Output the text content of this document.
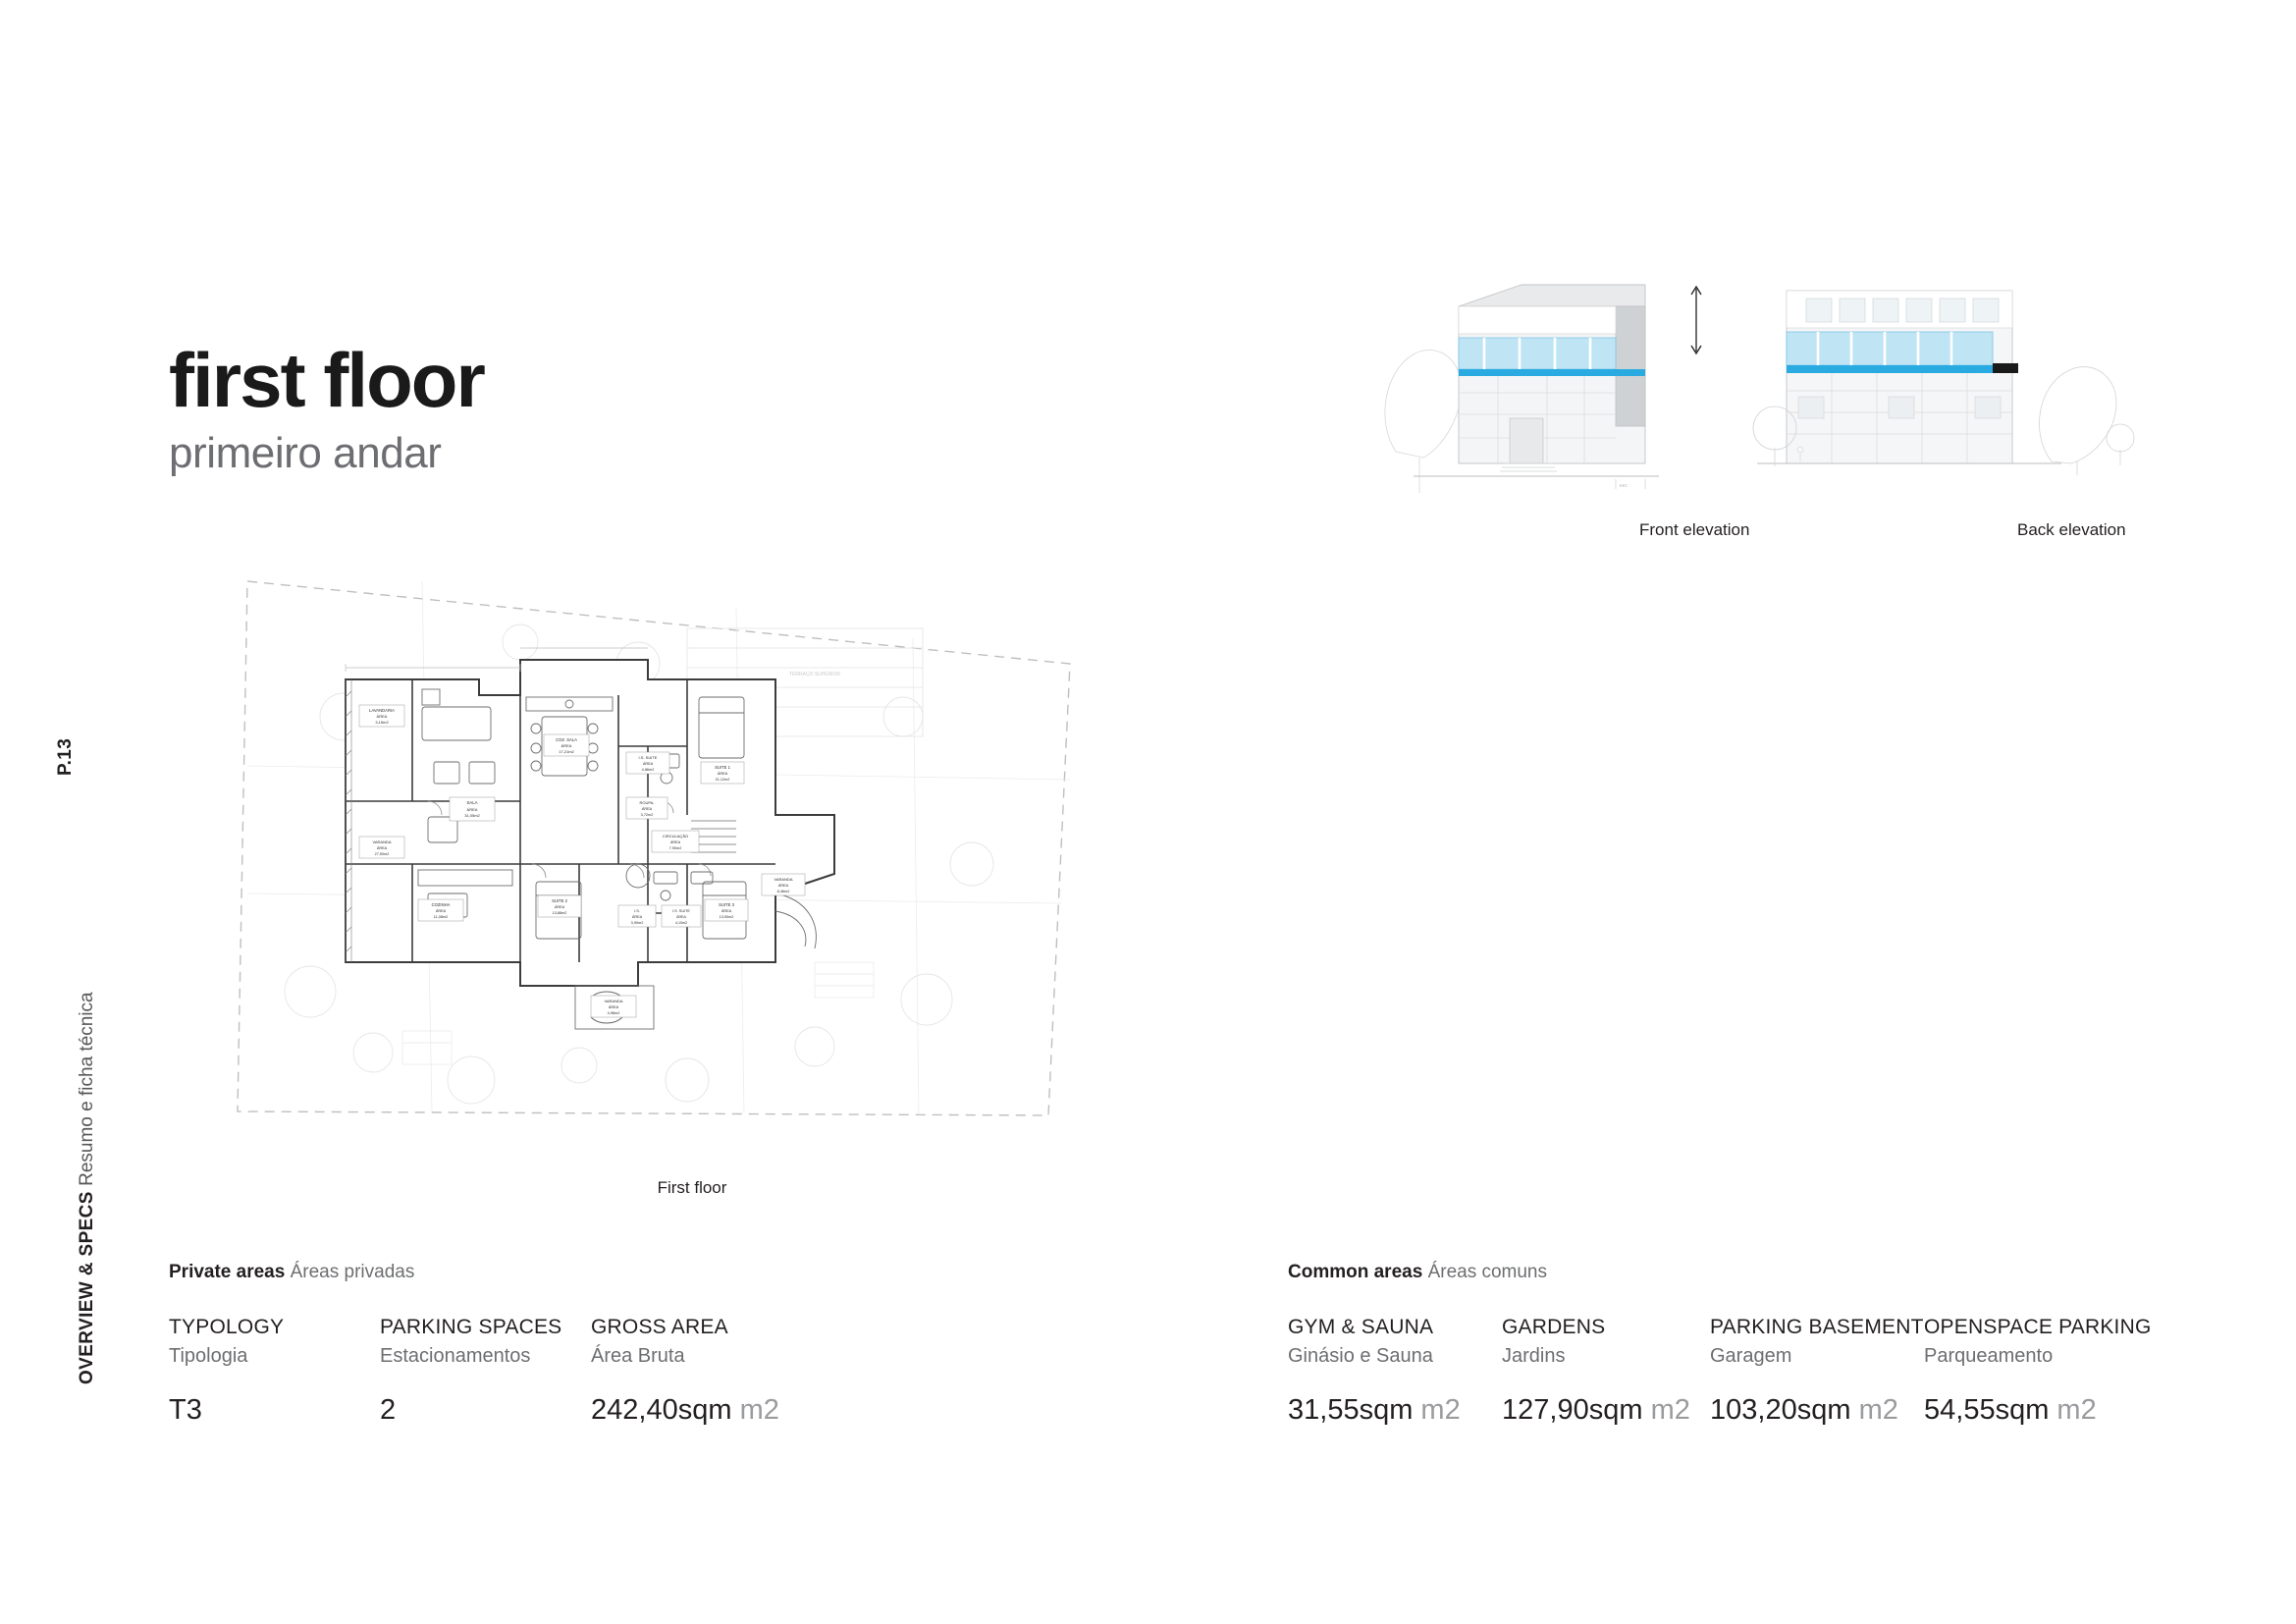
P.13
OVERVIEW & SPECS Resumo e ficha técnica
first floor
primeiro andar
EST.
Front elevation	Back elevation
TERRAÇO SUPERIOR
LAVANDARIA
ÁREA
3,15m2
COZ. SALA
ÁREA
17,21m2
SALA
ÁREA
31,05m2
I.S. SUITE
ÁREA
4,86m2
ROUPA.
ÁREA
3,72m2
SUITE 1
ÁREA
21,12m2
VARANDA
ÁREA
8,46m2
VARANDA
ÁREA
27,50m2
CIRCULAÇÃO
ÁREA
7,90m2
COZINHA
ÁREA
11,08m2
SUITE 2
ÁREA
13,88m2	I.S.
ÁREA
3,90m2
I.S. SUITE
ÁREA
4,10m2
SUITE 3
ÁREA
13,90m2
VARANDA
ÁREA
4,98m2
First floor
Private areas Áreas privadas
TYPOLOGY
Tipologia
T3
PARKING SPACES
Estacionamentos
2
GROSS AREA
Área Bruta
242,40sqm m2
Common areas Áreas comuns
GYM & SAUNA
Ginásio e Sauna
31,55sqm m2
GARDENS
Jardins
127,90sqm m2
PARKING BASEMENT
Garagem
103,20sqm m2
OPENSPACE PARKING
Parqueamento
54,55sqm m2
